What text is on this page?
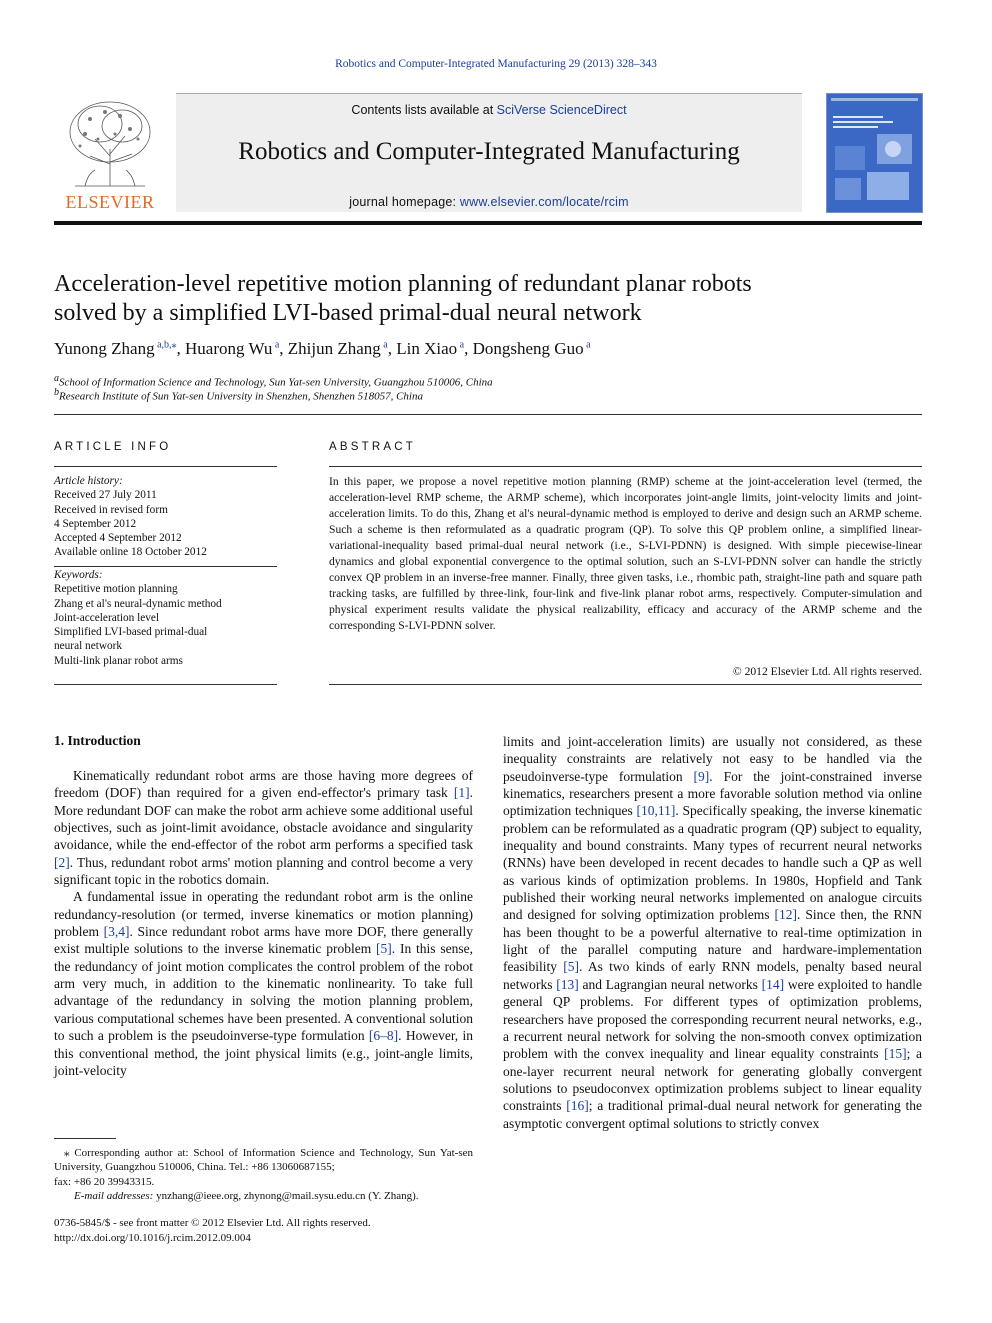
Robotics and Computer-Integrated Manufacturing 29 (2013) 328–343
ELSEVIER
Contents lists available at SciVerse ScienceDirect
Robotics and Computer-Integrated Manufacturing
journal homepage: www.elsevier.com/locate/rcim
Acceleration-level repetitive motion planning of redundant planar robots
solved by a simplified LVI-based primal-dual neural network
Yunong Zhang $^{a,b,⁎}$, Huarong Wu $^a$, Zhijun Zhang $^a$, Lin Xiao $^a$, Dongsheng Guo $^a$
$^a$School of Information Science and Technology, Sun Yat-sen University, Guangzhou 510006, China
$^b$Research Institute of Sun Yat-sen University in Shenzhen, Shenzhen 518057, China
ARTICLE INFO	ABSTRACT
Article history:
Received 27 July 2011
Received in revised form
4 September 2012
Accepted 4 September 2012
Available online 18 October 2012
Keywords:
Repetitive motion planning
Zhang et al's neural-dynamic method
Joint-acceleration level
Simplified LVI-based primal-dual
neural network
Multi-link planar robot arms
In this paper, we propose a novel repetitive motion planning (RMP) scheme at the joint-acceleration level (termed, the acceleration-level RMP scheme, the ARMP scheme), which incorporates joint-angle limits, joint-velocity limits and joint-acceleration limits. To do this, Zhang et al's neural-dynamic method is employed to derive and design such an ARMP scheme. Such a scheme is then reformulated as a quadratic program (QP). To solve this QP problem online, a simplified linear-variational-inequality based primal-dual neural network (i.e., S-LVI-PDNN) is designed. With simple piecewise-linear dynamics and global exponential convergence to the optimal solution, such an S-LVI-PDNN solver can handle the strictly convex QP problem in an inverse-free manner. Finally, three given tasks, i.e., rhombic path, straight-line path and square path tracking tasks, are fulfilled by three-link, four-link and five-link planar robot arms, respectively. Computer-simulation and physical experiment results validate the physical realizability, efficacy and accuracy of the ARMP scheme and the corresponding S-LVI-PDNN solver.
© 2012 Elsevier Ltd. All rights reserved.
1. Introduction

Kinematically redundant robot arms are those having more degrees of freedom (DOF) than required for a given end-effector's primary task [1]. More redundant DOF can make the robot arm achieve some additional useful objectives, such as joint-limit avoidance, obstacle avoidance and singularity avoidance, while the end-effector of the robot arm performs a specified task [2]. Thus, redundant robot arms' motion planning and control become a very significant topic in the robotics domain.

A fundamental issue in operating the redundant robot arm is the online redundancy-resolution (or termed, inverse kinematics or motion planning) problem [3,4]. Since redundant robot arms have more DOF, there generally exist multiple solutions to the inverse kinematic problem [5]. In this sense, the redundancy of joint motion complicates the control problem of the robot arm very much, in addition to the kinematic nonlinearity. To take full advantage of the redundancy in solving the motion planning problem, various computational schemes have been presented. A conventional solution to such a problem is the pseudoinverse-type formulation [6–8]. However, in this conventional method, the joint physical limits (e.g., joint-angle limits, joint-velocity

limits and joint-acceleration limits) are usually not considered, as these inequality constraints are relatively not easy to be handled via the pseudoinverse-type formulation [9]. For the joint-constrained inverse kinematics, researchers present a more favorable solution method via online optimization techniques [10,11]. Specifically speaking, the inverse kinematic problem can be reformulated as a quadratic program (QP) subject to equality, inequality and bound constraints. Many types of recurrent neural networks (RNNs) have been developed in recent decades to handle such a QP as well as various kinds of optimization problems. In 1980s, Hopfield and Tank published their working neural networks implemented on analogue circuits and designed for solving optimization problems [12]. Since then, the RNN has been thought to be a powerful alternative to real-time optimization in light of the parallel computing nature and hardware-implementation feasibility [5]. As two kinds of early RNN models, penalty based neural networks [13] and Lagrangian neural networks [14] were exploited to handle general QP problems. For different types of optimization problems, researchers have proposed the corresponding recurrent neural networks, e.g., a recurrent neural network for solving the non-smooth convex optimization problem with the convex inequality and linear equality constraints [15]; a one-layer recurrent neural network for generating globally convergent solutions to pseudoconvex optimization problems subject to linear equality constraints [16]; a traditional primal-dual neural network for generating the asymptotic convergent optimal solutions to strictly convex

⁎ Corresponding author at: School of Information Science and Technology, Sun Yat-sen University, Guangzhou 510006, China. Tel.: +86 13060687155;
fax: +86 20 39943315.
E-mail addresses: ynzhang@ieee.org, zhynong@mail.sysu.edu.cn (Y. Zhang).
0736-5845/$ - see front matter © 2012 Elsevier Ltd. All rights reserved.
http://dx.doi.org/10.1016/j.rcim.2012.09.004
